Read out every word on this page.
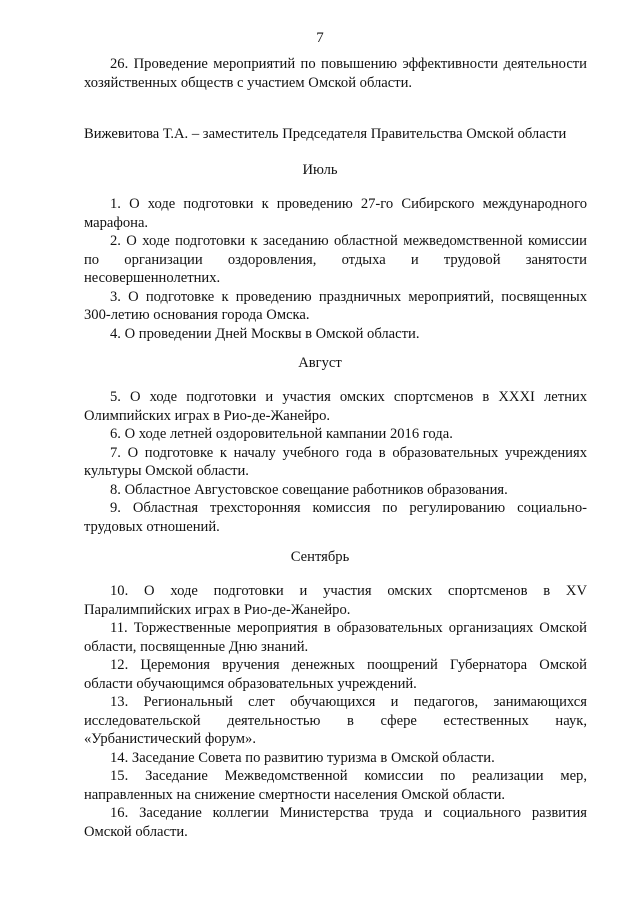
7

26. Проведение мероприятий по повышению эффективности деятельности хозяйственных обществ с участием Омской области.

Вижевитова Т.А. – заместитель Председателя Правительства Омской области
Июль

1. О ходе подготовки к проведению 27-го Сибирского международного марафона.

2. О ходе подготовки к заседанию областной межведомственной комиссии по организации оздоровления, отдыха и трудовой занятости несовершеннолетних.

3. О подготовке к проведению праздничных мероприятий, посвященных 300-летию основания города Омска.

4. О проведении Дней Москвы в Омской области.

Август

5. О ходе подготовки и участия омских спортсменов в XXXI летних Олимпийских играх в Рио-де-Жанейро.

6. О ходе летней оздоровительной кампании 2016 года.

7. О подготовке к началу учебного года в образовательных учреждениях культуры Омской области.

8. Областное Августовское совещание работников образования.

9. Областная трехсторонняя комиссия по регулированию социально-трудовых отношений.

Сентябрь

10. О ходе подготовки и участия омских спортсменов в XV Паралимпийских играх в Рио-де-Жанейро.

11. Торжественные мероприятия в образовательных организациях Омской области, посвященные Дню знаний.

12. Церемония вручения денежных поощрений Губернатора Омской области обучающимся образовательных учреждений.

13. Региональный слет обучающихся и педагогов, занимающихся исследовательской деятельностью в сфере естественных наук, «Урбанистический форум».

14. Заседание Совета по развитию туризма в Омской области.

15. Заседание Межведомственной комиссии по реализации мер, направленных на снижение смертности населения Омской области.

16. Заседание коллегии Министерства труда и социального развития Омской области.
